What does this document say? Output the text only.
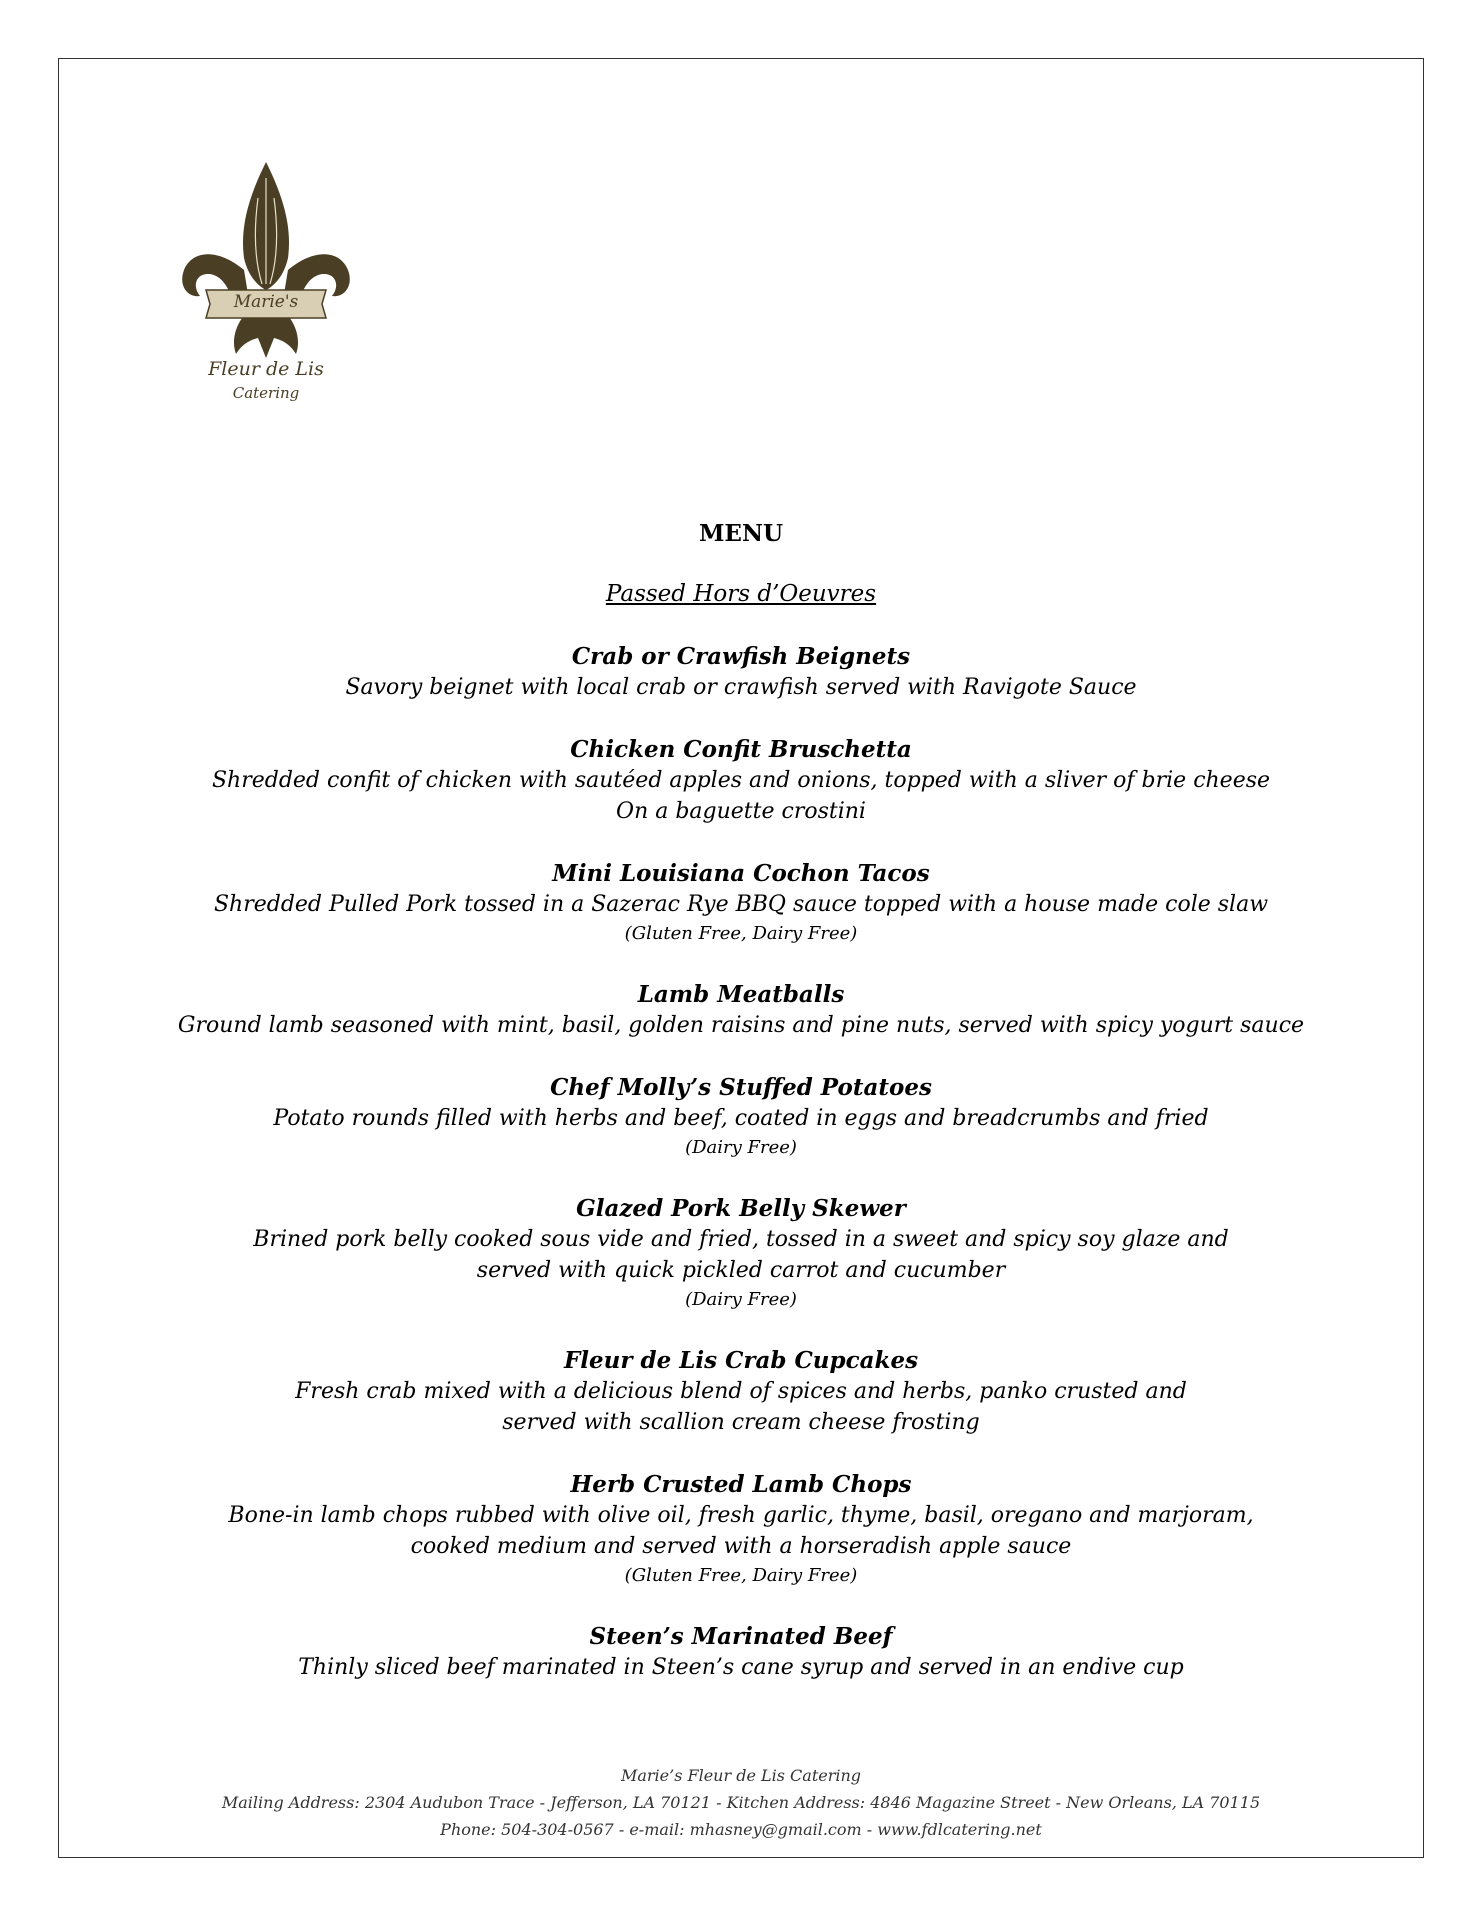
Marie's
Fleur de Lis
Catering
MENU
Passed Hors d’Oeuvres
Crab or Crawfish Beignets
Savory beignet with local crab or crawfish served with Ravigote Sauce
Chicken Confit Bruschetta
Shredded confit of chicken with sautéed apples and onions, topped with a sliver of brie cheese
On a baguette crostini
Mini Louisiana Cochon Tacos
Shredded Pulled Pork tossed in a Sazerac Rye BBQ sauce topped with a house made cole slaw
(Gluten Free, Dairy Free)
Lamb Meatballs
Ground lamb seasoned with mint, basil, golden raisins and pine nuts, served with spicy yogurt sauce
Chef Molly’s Stuffed Potatoes
Potato rounds filled with herbs and beef, coated in eggs and breadcrumbs and fried
(Dairy Free)
Glazed Pork Belly Skewer
Brined pork belly cooked sous vide and fried, tossed in a sweet and spicy soy glaze and
served with quick pickled carrot and cucumber
(Dairy Free)
Fleur de Lis Crab Cupcakes
Fresh crab mixed with a delicious blend of spices and herbs, panko crusted and
served with scallion cream cheese frosting
Herb Crusted Lamb Chops
Bone-in lamb chops rubbed with olive oil, fresh garlic, thyme, basil, oregano and marjoram,
cooked medium and served with a horseradish apple sauce
(Gluten Free, Dairy Free)
Steen’s Marinated Beef
Thinly sliced beef marinated in Steen’s cane syrup and served in an endive cup
Marie’s Fleur de Lis Catering
Mailing Address: 2304 Audubon Trace - Jefferson, LA 70121 - Kitchen Address: 4846 Magazine Street - New Orleans, LA 70115
Phone: 504-304-0567 - e-mail: mhasney@gmail.com - www.fdlcatering.net
